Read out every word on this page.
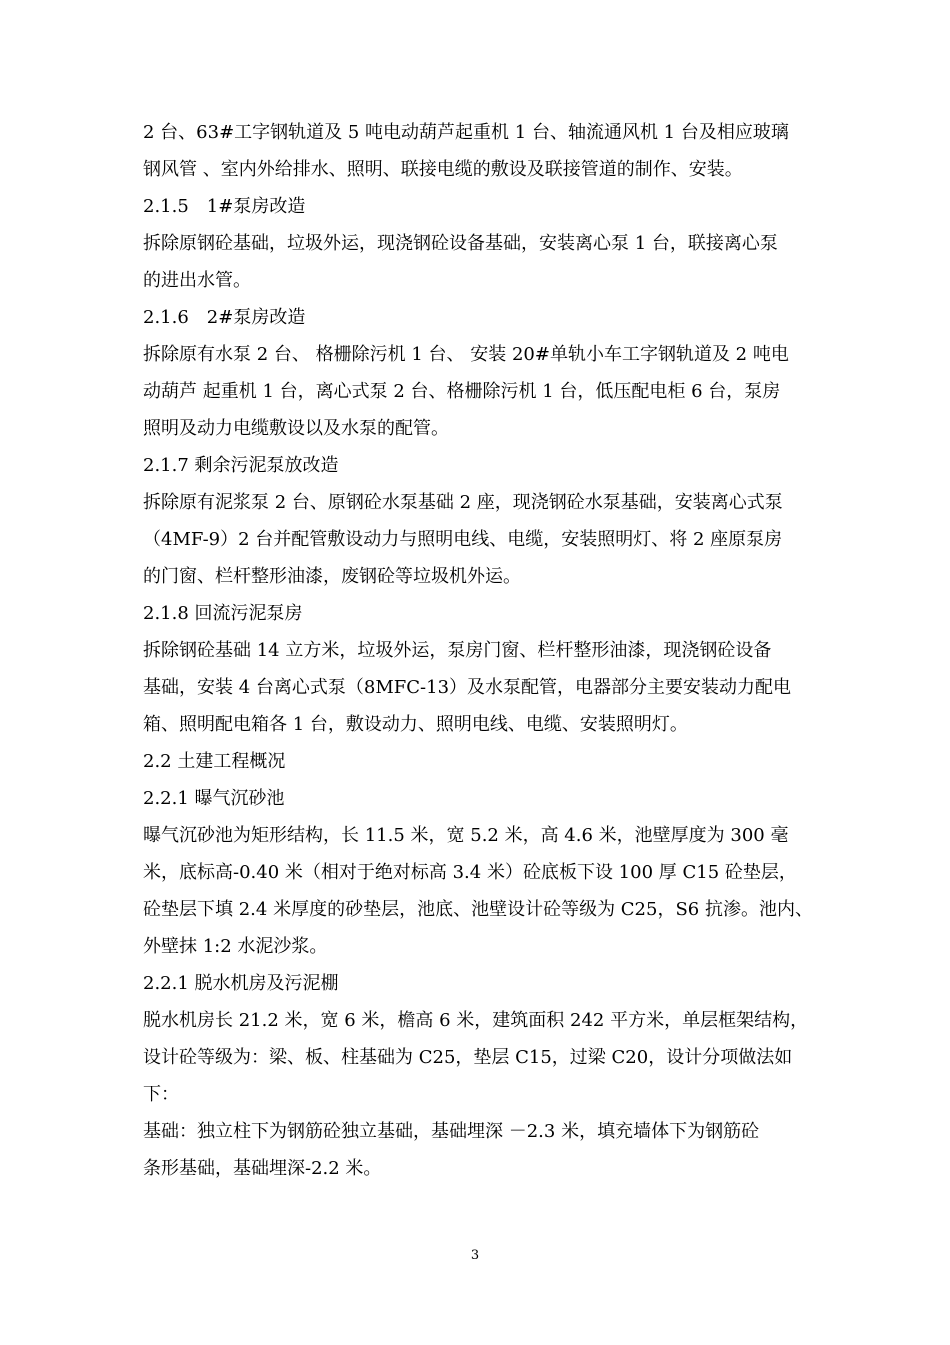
2 台、63#工字钢轨道及 5 吨电动葫芦起重机 1 台、轴流通风机 1 台及相应玻璃
钢风管 、室内外给排水、照明、联接电缆的敷设及联接管道的制作、安装。
2.1.5　1#泵房改造
拆除原钢砼基础，垃圾外运，现浇钢砼设备基础，安装离心泵 1 台，联接离心泵
的进出水管。
2.1.6　2#泵房改造
拆除原有水泵 2 台、 格栅除污机 1 台、 安装 20#单轨小车工字钢轨道及 2 吨电
动葫芦 起重机 1 台，离心式泵 2 台、格栅除污机 1 台，低压配电柜 6 台，泵房
照明及动力电缆敷设以及水泵的配管。
2.1.7 剩余污泥泵放改造
拆除原有泥浆泵 2 台、原钢砼水泵基础 2 座，现浇钢砼水泵基础，安装离心式泵
（4MF-9）2 台并配管敷设动力与照明电线、电缆，安装照明灯、将 2 座原泵房
的门窗、栏杆整形油漆，废钢砼等垃圾机外运。
2.1.8 回流污泥泵房
拆除钢砼基础 14 立方米，垃圾外运，泵房门窗、栏杆整形油漆，现浇钢砼设备
基础，安装 4 台离心式泵（8MFC-13）及水泵配管，电器部分主要安装动力配电
箱、照明配电箱各 1 台，敷设动力、照明电线、电缆、安装照明灯。
2.2 土建工程概况
2.2.1 曝气沉砂池
曝气沉砂池为矩形结构，长 11.5 米，宽 5.2 米，高 4.6 米，池壁厚度为 300 毫
米，底标高-0.40 米（相对于绝对标高 3.4 米）砼底板下设 100 厚 C15 砼垫层，
砼垫层下填 2.4 米厚度的砂垫层，池底、池壁设计砼等级为 C25，S6 抗渗。池内、
外壁抹 1:2 水泥沙浆。
2.2.1 脱水机房及污泥棚
脱水机房长 21.2 米，宽 6 米，檐高 6 米，建筑面积 242 平方米，单层框架结构，
设计砼等级为：梁、板、柱基础为 C25，垫层 C15，过梁 C20，设计分项做法如
下：
基础：独立柱下为钢筋砼独立基础，基础埋深 －2.3 米，填充墙体下为钢筋砼
条形基础，基础埋深-2.2 米。
3
